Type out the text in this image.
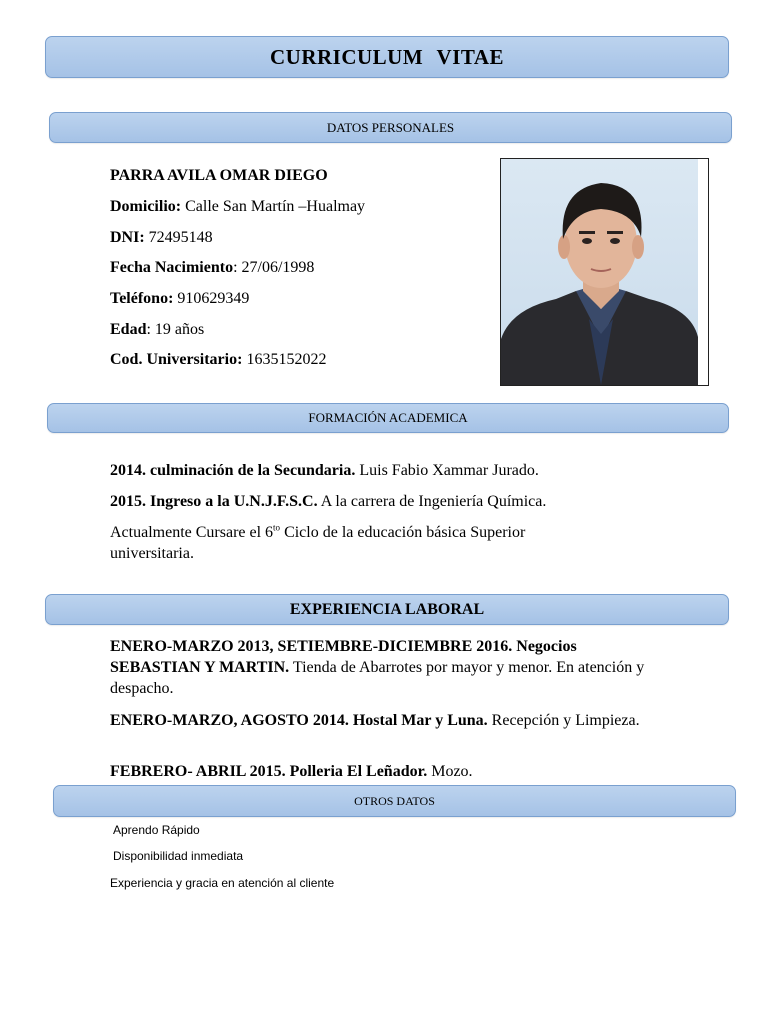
CURRICULUM VITAE
DATOS PERSONALES
PARRA AVILA OMAR DIEGO
Domicilio: Calle San Martín –Hualmay
DNI: 72495148
Fecha Nacimiento: 27/06/1998
Teléfono: 910629349
Edad: 19 años
Cod. Universitario: 1635152022
FORMACIÓN ACADEMICA
2014. culminación de la Secundaria. Luis Fabio Xammar Jurado.
2015. Ingreso a la U.N.J.F.S.C. A la carrera de Ingeniería Química.
Actualmente Cursare el $6^{to}$ Ciclo de la educación básica Superior universitaria.
EXPERIENCIA LABORAL
ENERO-MARZO 2013, SETIEMBRE-DICIEMBRE 2016. Negocios SEBASTIAN Y MARTIN. Tienda de Abarrotes por mayor y menor. En atención y despacho.
ENERO-MARZO, AGOSTO 2014. Hostal Mar y Luna. Recepción y Limpieza.
FEBRERO- ABRIL 2015. Polleria El Leñador. Mozo.
OTROS DATOS
Aprendo Rápido
Disponibilidad inmediata
Experiencia y gracia en atención al cliente
